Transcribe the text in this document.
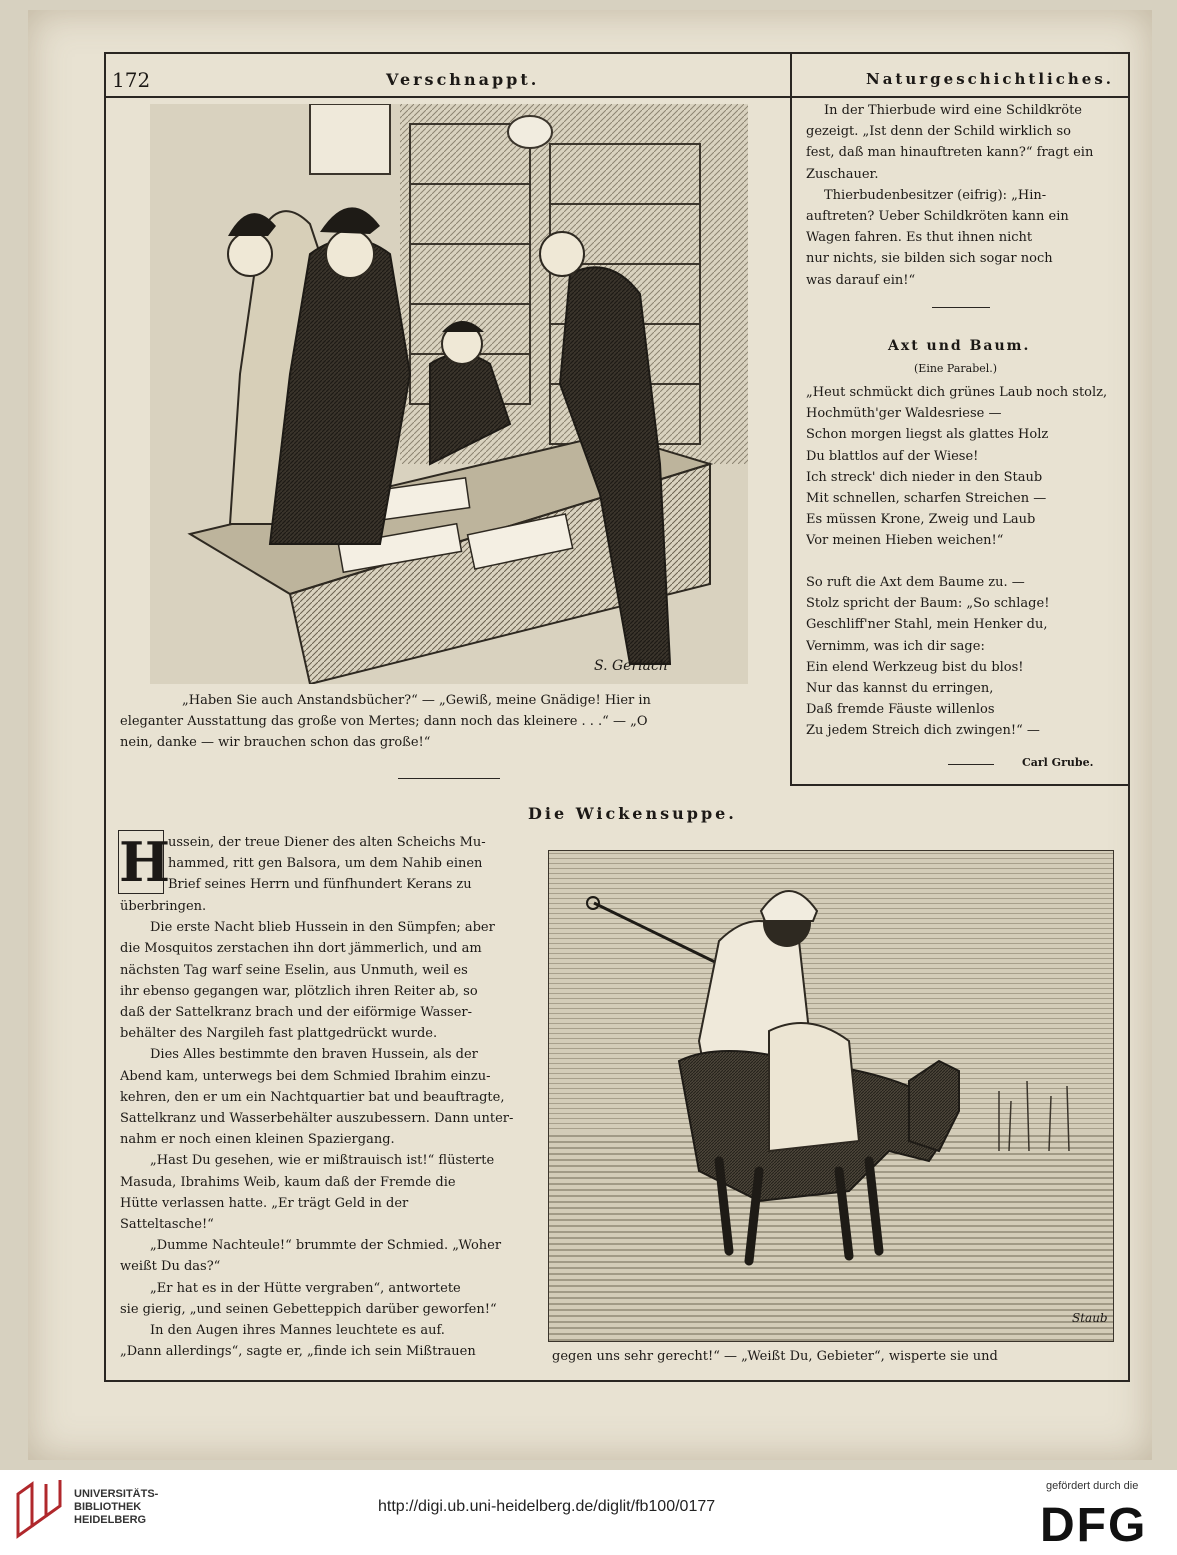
172	Verschnappt.	Naturgeschichtliches.
S. Gerlach
„Haben Sie auch Anstandsbücher?“ — „Gewiß, meine Gnädige! Hier in
eleganter Ausstattung das große von Mertes; dann noch das kleinere . . .“ — „O
nein, danke — wir brauchen schon das große!“
In der Thierbude wird eine Schildkröte
gezeigt. „Ist denn der Schild wirklich so
fest, daß man hinauftreten kann?“ fragt ein
Zuschauer.
Thierbudenbesitzer (eifrig): „Hin-
auftreten? Ueber Schildkröten kann ein
Wagen fahren. Es thut ihnen nicht
nur nichts, sie bilden sich sogar noch
was darauf ein!“
Axt und Baum.
(Eine Parabel.)
„Heut schmückt dich grünes Laub noch stolz,
Hochmüth'ger Waldesriese —
Schon morgen liegst als glattes Holz
Du blattlos auf der Wiese!
Ich streck' dich nieder in den Staub
Mit schnellen, scharfen Streichen —
Es müssen Krone, Zweig und Laub
Vor meinen Hieben weichen!“
So ruft die Axt dem Baume zu. —
Stolz spricht der Baum: „So schlage!
Geschliff'ner Stahl, mein Henker du,
Vernimm, was ich dir sage:
Ein elend Werkzeug bist du blos!
Nur das kannst du erringen,
Daß fremde Fäuste willenlos
Zu jedem Streich dich zwingen!“ —
Carl Grube.
Die Wickensuppe.
H
ussein, der treue Diener des alten Scheichs Mu-
hammed, ritt gen Balsora, um dem Nahib einen
Brief seines Herrn und fünfhundert Kerans zu
überbringen.
Die erste Nacht blieb Hussein in den Sümpfen; aber
die Mosquitos zerstachen ihn dort jämmerlich, und am
nächsten Tag warf seine Eselin, aus Unmuth, weil es
ihr ebenso gegangen war, plötzlich ihren Reiter ab, so
daß der Sattelkranz brach und der eiförmige Wasser-
behälter des Nargileh fast plattgedrückt wurde.
Dies Alles bestimmte den braven Hussein, als der
Abend kam, unterwegs bei dem Schmied Ibrahim einzu-
kehren, den er um ein Nachtquartier bat und beauftragte,
Sattelkranz und Wasserbehälter auszubessern. Dann unter-
nahm er noch einen kleinen Spaziergang.
„Hast Du gesehen, wie er mißtrauisch ist!“ flüsterte
Masuda, Ibrahims Weib, kaum daß der Fremde die
Hütte verlassen hatte. „Er trägt Geld in der
Satteltasche!“
„Dumme Nachteule!“ brummte der Schmied. „Woher
weißt Du das?“
„Er hat es in der Hütte vergraben“, antwortete
sie gierig, „und seinen Gebetteppich darüber geworfen!“
In den Augen ihres Mannes leuchtete es auf.
„Dann allerdings“, sagte er, „finde ich sein Mißtrauen
Staub
gegen uns sehr gerecht!“ — „Weißt Du, Gebieter“, wisperte sie und
UNIVERSITÄTS-
BIBLIOTHEK
HEIDELBERG
http://digi.ub.uni-heidelberg.de/diglit/fb100/0177
gefördert durch die
DFG
